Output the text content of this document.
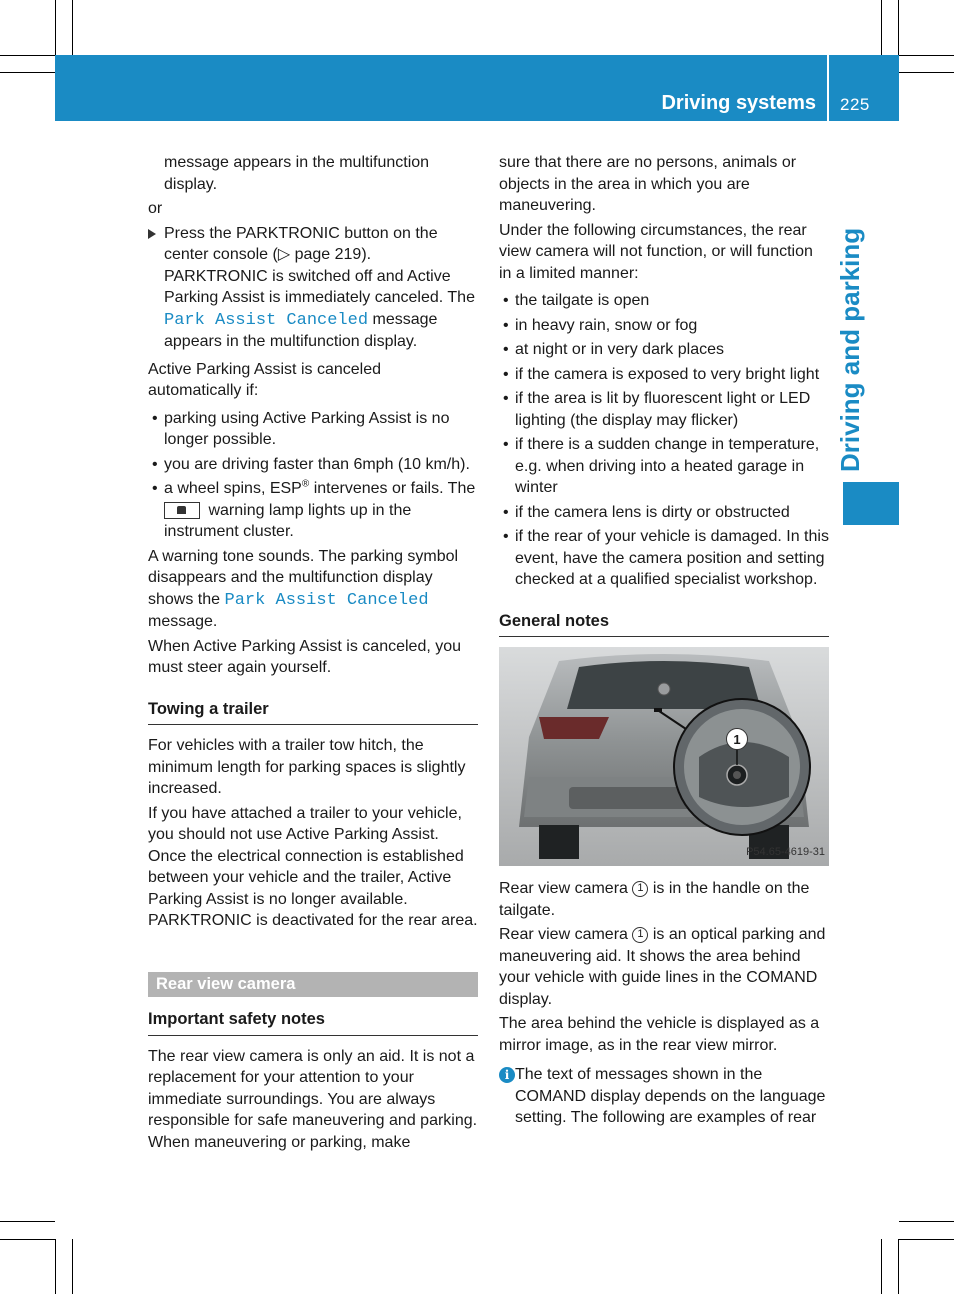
Driving systems 225
Driving and parking

message appears in the multifunction display.

or

Press the PARKTRONIC button on the center console (▷ page 219). PARKTRONIC is switched off and Active Parking Assist is immediately canceled. The Park Assist Canceled message appears in the multifunction display.

Active Parking Assist is canceled automatically if:

• parking using Active Parking Assist is no longer possible.
• you are driving faster than 6mph (10 km/h).
• a wheel spins, ESP® intervenes or fails. The
warning lamp lights up in the instrument cluster.

A warning tone sounds. The parking symbol disappears and the multifunction display shows the Park Assist Canceled
message.

When Active Parking Assist is canceled, you must steer again yourself.

Towing a trailer

For vehicles with a trailer tow hitch, the minimum length for parking spaces is slightly increased.

If you have attached a trailer to your vehicle, you should not use Active Parking Assist. Once the electrical connection is established between your vehicle and the trailer, Active Parking Assist is no longer available. PARKTRONIC is deactivated for the rear area.

Rear view camera
Important safety notes

The rear view camera is only an aid. It is not a replacement for your attention to your immediate surroundings. You are always responsible for safe maneuvering and parking. When maneuvering or parking, make

sure that there are no persons, animals or objects in the area in which you are maneuvering.

Under the following circumstances, the rear view camera will not function, or will function in a limited manner:

• the tailgate is open
• in heavy rain, snow or fog
• at night or in very dark places
• if the camera is exposed to very bright light
• if the area is lit by fluorescent light or LED lighting (the display may flicker)
• if there is a sudden change in temperature, e.g. when driving into a heated garage in winter
• if the camera lens is dirty or obstructed
• if the rear of your vehicle is damaged. In this event, have the camera position and setting checked at a qualified specialist workshop.
General notes
1
P54.65-4619-31

Rear view camera 1 is in the handle on the tailgate.

Rear view camera 1 is an optical parking and maneuvering aid. It shows the area behind your vehicle with guide lines in the COMAND display.

The area behind the vehicle is displayed as a mirror image, as in the rear view mirror.

i The text of messages shown in the COMAND display depends on the language setting. The following are examples of rear
